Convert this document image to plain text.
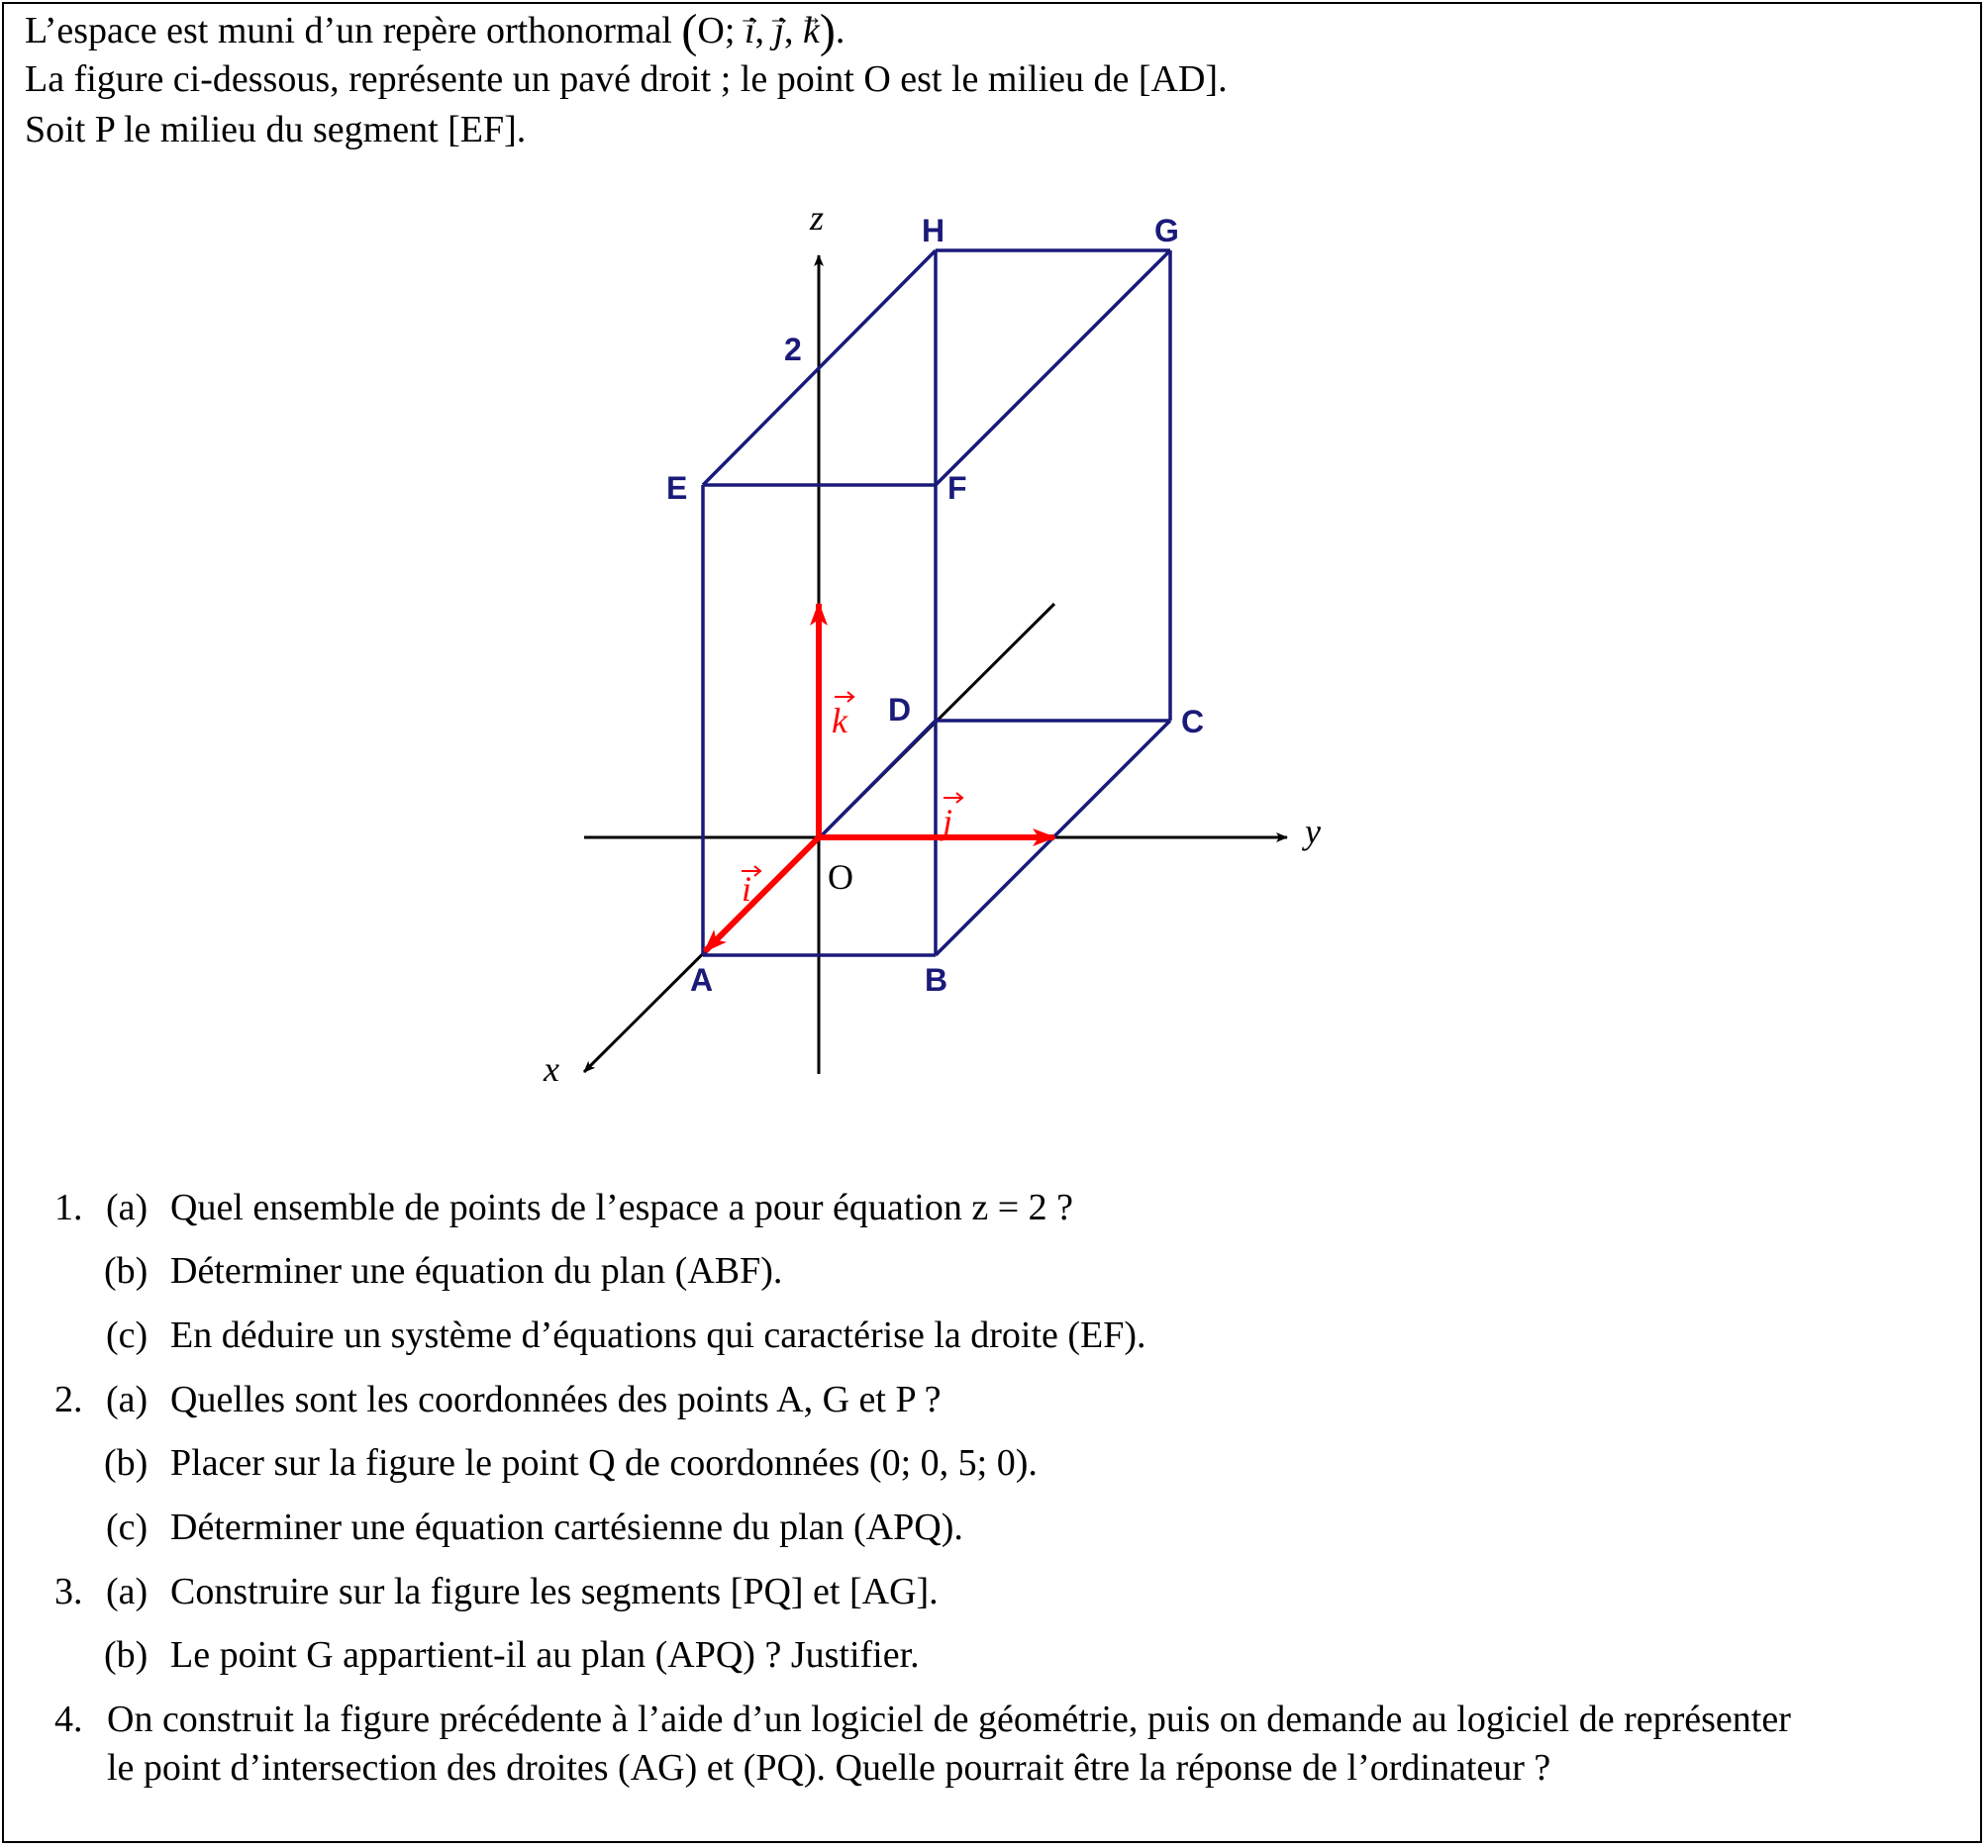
L’espace est muni d’un repère orthonormal (O; → i, → j, → k).
La figure ci-dessous, représente un pavé droit ; le point O est le milieu de [AD].
Soit P le milieu du segment [EF].
H	G
E	F
D	C
A	B
2
O
z
y
x
k
j
i
1. (a) Quel ensemble de points de l’espace a pour équation z = 2 ?
(b) Déterminer une équation du plan (ABF).
(c) En déduire un système d’équations qui caractérise la droite (EF).
2. (a) Quelles sont les coordonnées des points A, G et P ?
(b) Placer sur la figure le point Q de coordonnées (0; 0, 5; 0).
(c) Déterminer une équation cartésienne du plan (APQ).
3. (a) Construire sur la figure les segments [PQ] et [AG].
(b) Le point G appartient-il au plan (APQ) ? Justifier.
4. On construit la figure précédente à l’aide d’un logiciel de géométrie, puis on demande au logiciel de représenter
le point d’intersection des droites (AG) et (PQ). Quelle pourrait être la réponse de l’ordinateur ?
